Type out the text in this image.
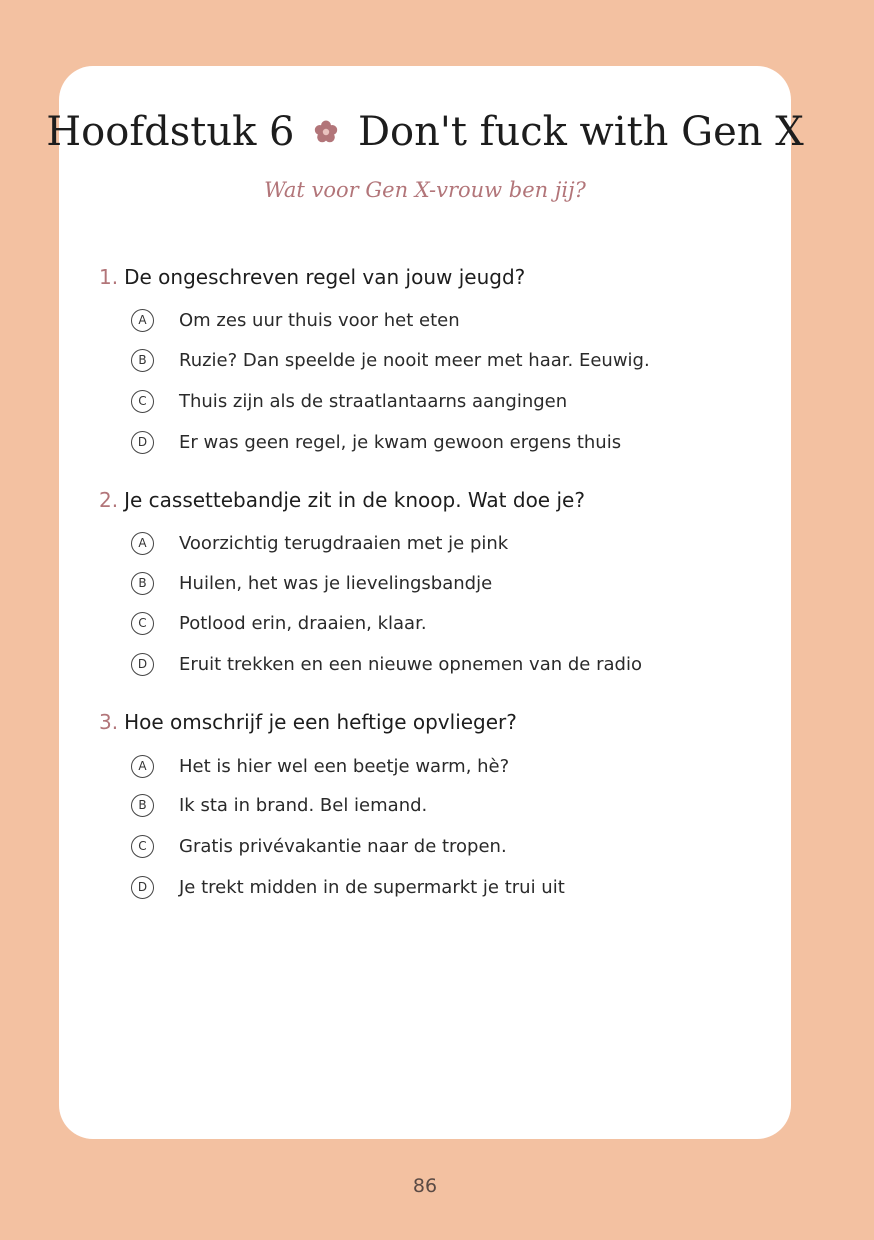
Hoofdstuk 6 Don't fuck with Gen X
Wat voor Gen X-vrouw ben jij?
1. De ongeschreven regel van jouw jeugd?
A	Om zes uur thuis voor het eten
B	Ruzie? Dan speelde je nooit meer met haar. Eeuwig.
C	Thuis zijn als de straatlantaarns aangingen
D	Er was geen regel, je kwam gewoon ergens thuis
2. Je cassettebandje zit in de knoop. Wat doe je?
A	Voorzichtig terugdraaien met je pink
B	Huilen, het was je lievelingsbandje
C	Potlood erin, draaien, klaar.
D	Eruit trekken en een nieuwe opnemen van de radio
3. Hoe omschrijf je een heftige opvlieger?
A	Het is hier wel een beetje warm, hè?
B	Ik sta in brand. Bel iemand.
C	Gratis privévakantie naar de tropen.
D	Je trekt midden in de supermarkt je trui uit
86
